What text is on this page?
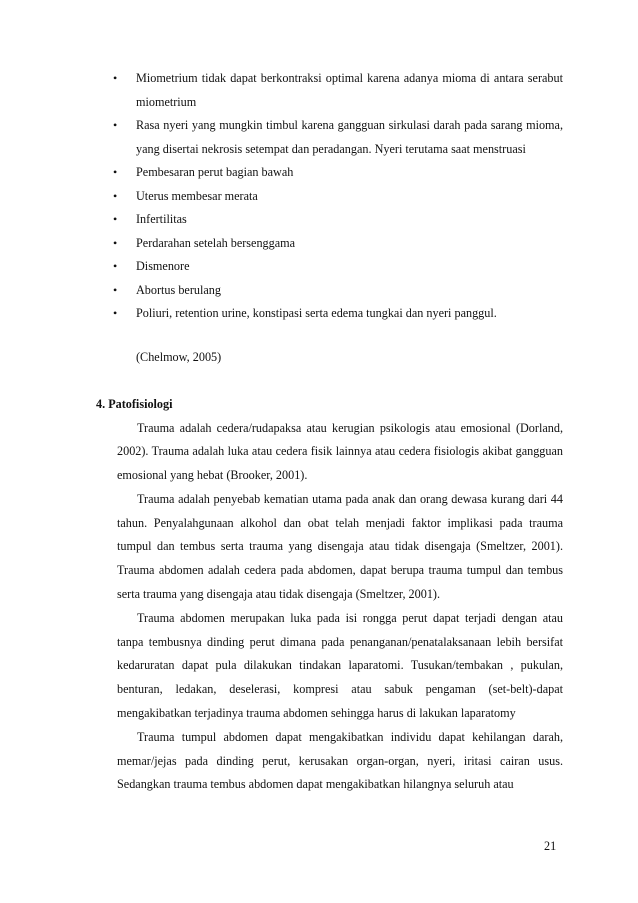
• Miometrium tidak dapat berkontraksi optimal karena adanya mioma di antara serabut miometrium
• Rasa nyeri yang mungkin timbul karena gangguan sirkulasi darah pada sarang mioma, yang disertai nekrosis setempat dan peradangan. Nyeri terutama saat menstruasi
• Pembesaran perut bagian bawah
• Uterus membesar merata
• Infertilitas
• Perdarahan setelah bersenggama
• Dismenore
• Abortus berulang
• Poliuri, retention urine, konstipasi serta edema tungkai dan nyeri panggul.
(Chelmow, 2005)
4. Patofisiologi

Trauma adalah cedera/rudapaksa atau kerugian psikologis atau emosional (Dorland, 2002). Trauma adalah luka atau cedera fisik lainnya atau cedera fisiologis akibat gangguan emosional yang hebat (Brooker, 2001).

Trauma adalah penyebab kematian utama pada anak dan orang dewasa kurang dari 44 tahun. Penyalahgunaan alkohol dan obat telah menjadi faktor implikasi pada trauma tumpul dan tembus serta trauma yang disengaja atau tidak disengaja (Smeltzer, 2001). Trauma abdomen adalah cedera pada abdomen, dapat berupa trauma tumpul dan tembus serta trauma yang disengaja atau tidak disengaja (Smeltzer, 2001).

Trauma abdomen merupakan luka pada isi rongga perut dapat terjadi dengan atau tanpa tembusnya dinding perut dimana pada penanganan/penatalaksanaan lebih bersifat kedaruratan dapat pula dilakukan tindakan laparatomi. Tusukan/tembakan , pukulan, benturan, ledakan, deselerasi, kompresi atau sabuk pengaman (set-belt)-dapat mengakibatkan terjadinya trauma abdomen sehingga harus di lakukan laparatomy

Trauma tumpul abdomen dapat mengakibatkan individu dapat kehilangan darah, memar/jejas pada dinding perut, kerusakan organ-organ, nyeri, iritasi cairan usus. Sedangkan trauma tembus abdomen dapat mengakibatkan hilangnya seluruh atau

21
